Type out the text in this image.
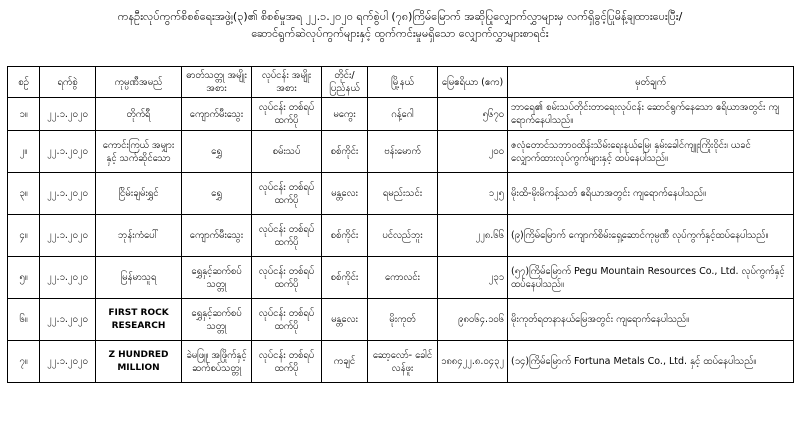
ကနဦးလုပ်ကွက်စိစစ်ရေးအဖွဲ့၊(၃)၏ စိစစ်မှုအရ ၂၂.၁.၂၀၂၀ ရက်စွဲပါ (၇၈)ကြိမ်မြောက် အဆိုပြုလျှောက်လွှာများမှ လက်ရှိခွင့်ပြုမိန့်ချထားပေးပြီး/
ဆောင်ရွက်ဆဲလုပ်ကွက်များနှင့် ထွက်ကင်းမှုမရှိသော လျှောက်လွှာများစာရင်း
စဉ်	ရက်စွဲ	ကုမ္ပဏီအမည်	ဓာတ်သတ္တု အမျိုးအစား	လုပ်ငန်း အမျိုးအစား	တိုင်း/ ပြည်နယ်	မြို့နယ်	မြေဧရိယာ (ဧက)	မှတ်ချက်
၁။	၂၂.၁.၂၀၂၀	တိုက်ရီ	ကျောက်မီးသွေး	လုပ်ငန်း တစ်ရပ်ထက်ပို	မကွေး	ဂန့်ဂေါ	၅၆၇၀	ဘာရေ၏ စမ်းသပ်တိုင်းတာရေးလုပ်ငန်း ဆောင်ရွက်နေသော ဧရိယာအတွင်း ကျရောက်နေပါသည်။
၂။	၂၂.၁.၂၀၂၀	ကောင်းကြယ် အမျှားနှင့် သက်ဆိုင်သော	ရွှေ	စမ်းသပ်	စစ်ကိုင်း	ဗန်းမောက်	၂၀၀	ဇလုံတောင်သဘာဝထိန်းသိမ်းရေးနယ်မြေ၊ နှမ်းခေါင်ကျူးကြိုးဝိုင်း၊ ယခင် လျှောက်ထားလုပ်ကွက်များနှင့် ထပ်နေပါသည်။
၃။	၂၂.၁.၂၀၂၀	ငြိမ်းချမ်းရွှင်	ရွှေ	လုပ်ငန်း တစ်ရပ်ထက်ပို	မန္တလေး	ရမည်းသင်း	၁၂၅	မိုးထိ-မိုးမိကန့်သတ် ဧရိယာအတွင်း ကျရောက်နေပါသည်။
၄။	၂၂.၁.၂၀၂၀	ဘုန်းကံပေါ်	ကျောက်မီးသွေး	လုပ်ငန်း တစ်ရပ်ထက်ပို	စစ်ကိုင်း	ပင်လည်ဘူး	၂၂၈.၆၆	(၉)ကြိမ်မြောက် ကျောက်စိမ်းရှေ့ဆောင်ကုမ္ပဏီ လုပ်ကွက်နှင့်ထပ်နေပါသည်။
၅။	၂၂.၁.၂၀၂၀	မြန်မာသူရ	ရွှေနှင့်ဆက်စပ် သတ္တု	လုပ်ငန်း တစ်ရပ်ထက်ပို	စစ်ကိုင်း	ကောလင်း	၂၃၁	(၅၇)ကြိမ်မြောက် Pegu Mountain Resources Co., Ltd. လုပ်ကွက်နှင့် ထပ်နေပါသည်။
၆။	၂၂.၁.၂၀၂၀	FIRST ROCK RESEARCH	ရွှေနှင့်ဆက်စပ် သတ္တု	လုပ်ငန်း တစ်ရပ်ထက်ပို	မန္တလေး	မိုးကုတ်	၉၈၀၆၄.၁၀၆	မိုးကုတ်ရတနာနယ်မြေအတွင်း ကျရောက်နေပါသည်။
၇။	၂၂.၁.၂၀၂၀	Z HUNDRED MILLION	ခဲမဖြူ၊ အဖြိုက်နှင့် ဆက်စပ်သတ္တု	လုပ်ငန်း တစ်ရပ်ထက်ပို	ကချင်	ဆော့လော်- ခေါင်လန်ဖူး	၁၈၈၄၂၂.၈.၀၄၃၂	(၁၄)ကြိမ်မြောက် Fortuna Metals Co., Ltd. နှင့် ထပ်နေပါသည်။
